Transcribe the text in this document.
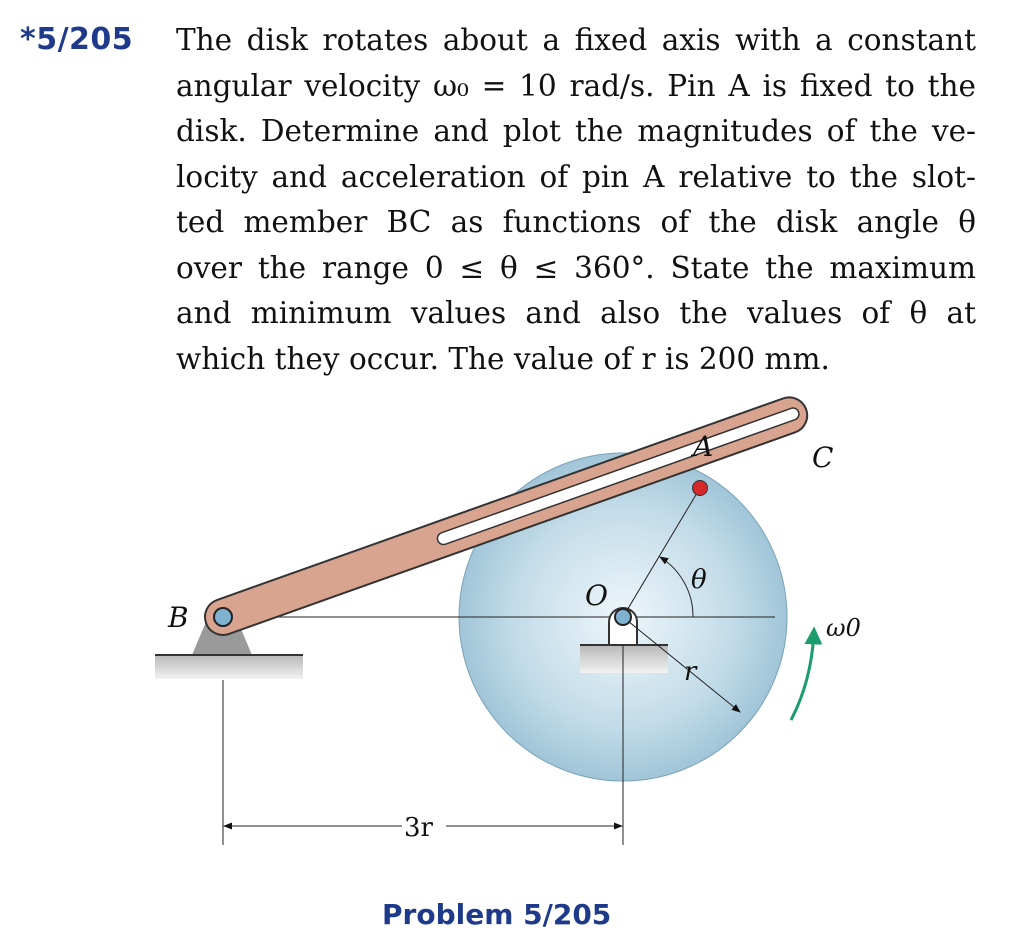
*5/205 The disk rotates about a fixed axis with a constant
angular velocity ω₀ = 10 rad/s. Pin A is fixed to the
disk. Determine and plot the magnitudes of the ve-
locity and acceleration of pin A relative to the slot-
ted member BC as functions of the disk angle θ
over the range 0 ≤ θ ≤ 360°. State the maximum
and minimum values and also the values of θ at
which they occur. The value of r is 200 mm.
A	C
B
O	θ
r
ω0
3r
Problem 5/205
